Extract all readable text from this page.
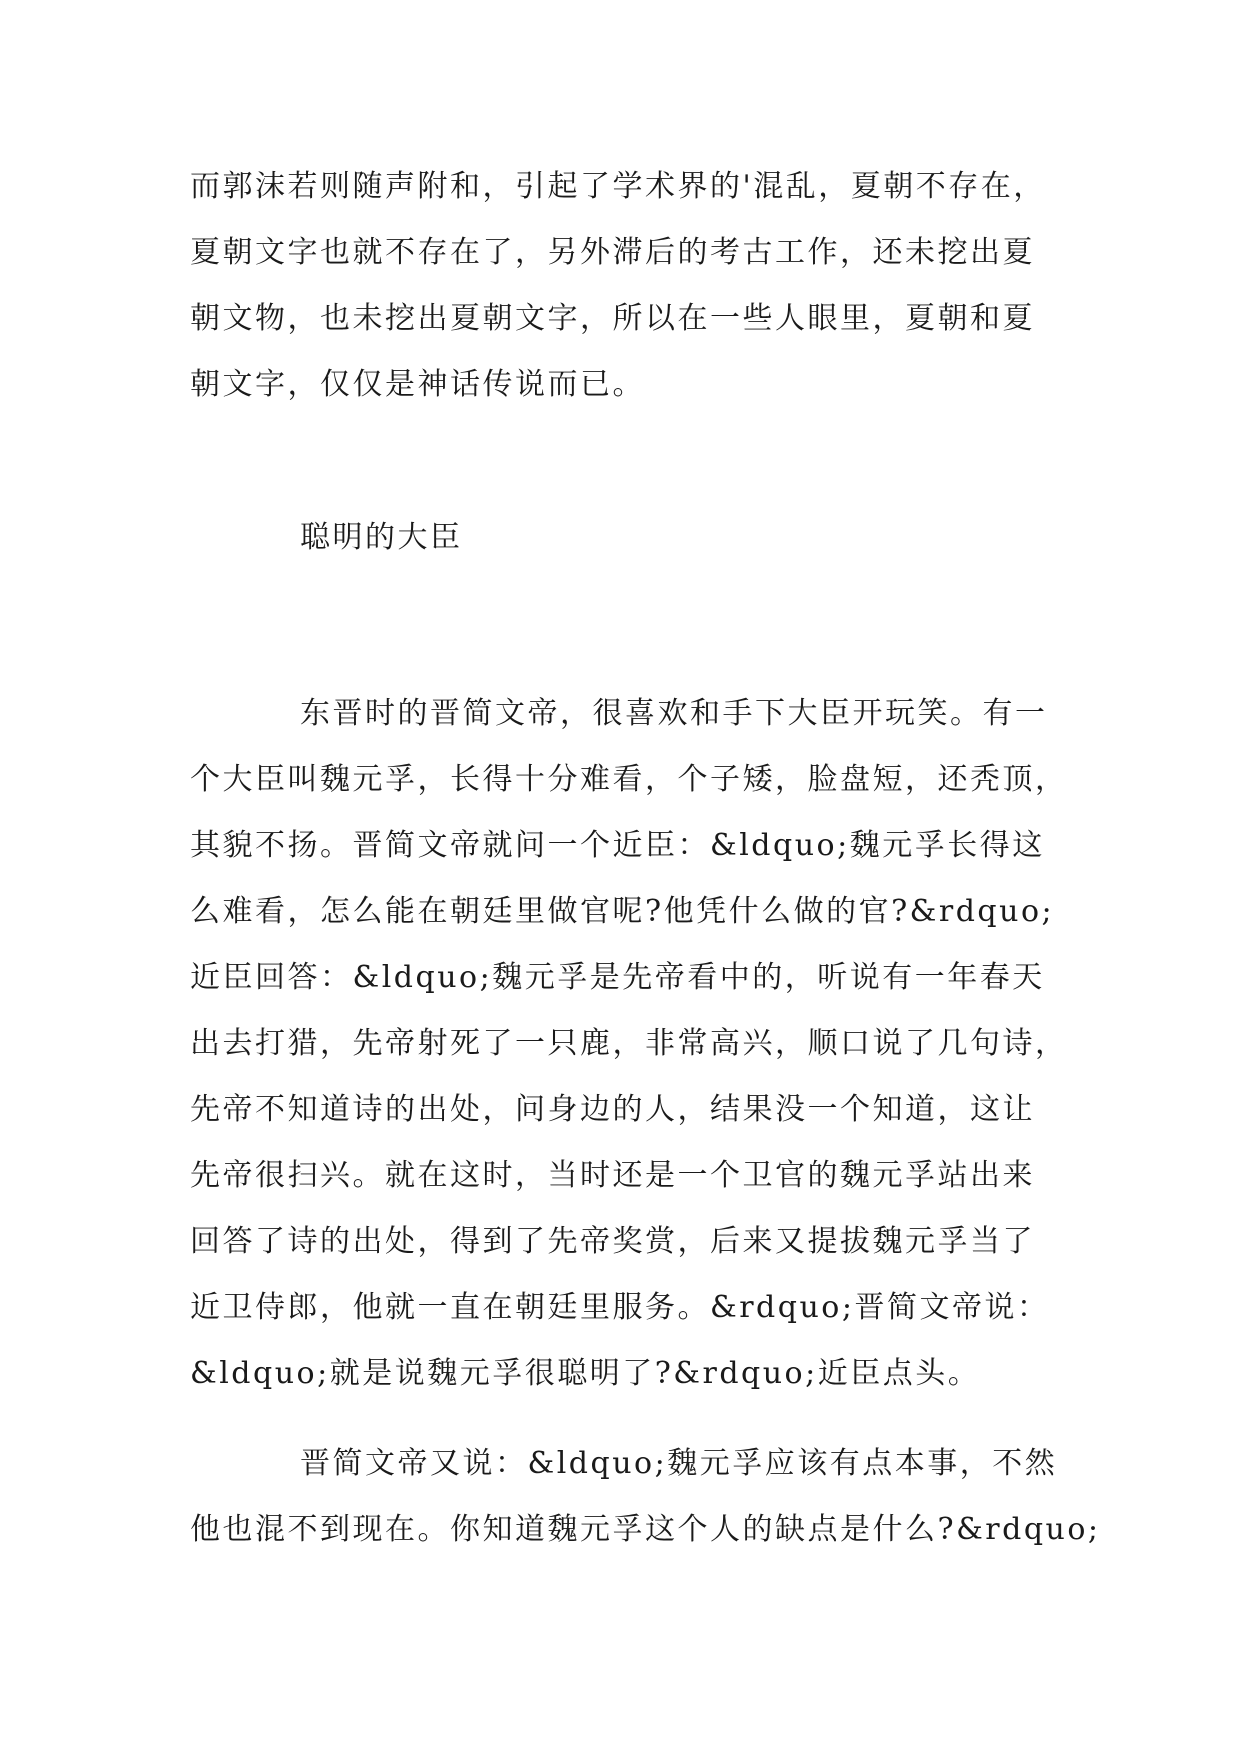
而郭沫若则随声附和，引起了学术界的'混乱，夏朝不存在，
夏朝文字也就不存在了，另外滞后的考古工作，还未挖出夏
朝文物，也未挖出夏朝文字，所以在一些人眼里，夏朝和夏
朝文字，仅仅是神话传说而已。
聪明的大臣
东晋时的晋简文帝，很喜欢和手下大臣开玩笑。有一
个大臣叫魏元孚，长得十分难看，个子矮，脸盘短，还秃顶，
其貌不扬。晋简文帝就问一个近臣：&ldquo;魏元孚长得这
么难看，怎么能在朝廷里做官呢?他凭什么做的官?&rdquo;
近臣回答：&ldquo;魏元孚是先帝看中的，听说有一年春天
出去打猎，先帝射死了一只鹿，非常高兴，顺口说了几句诗，
先帝不知道诗的出处，问身边的人，结果没一个知道，这让
先帝很扫兴。就在这时，当时还是一个卫官的魏元孚站出来
回答了诗的出处，得到了先帝奖赏，后来又提拔魏元孚当了
近卫侍郎，他就一直在朝廷里服务。&rdquo;晋简文帝说：
&ldquo;就是说魏元孚很聪明了?&rdquo;近臣点头。
晋简文帝又说：&ldquo;魏元孚应该有点本事，不然
他也混不到现在。你知道魏元孚这个人的缺点是什么?&rdquo;
